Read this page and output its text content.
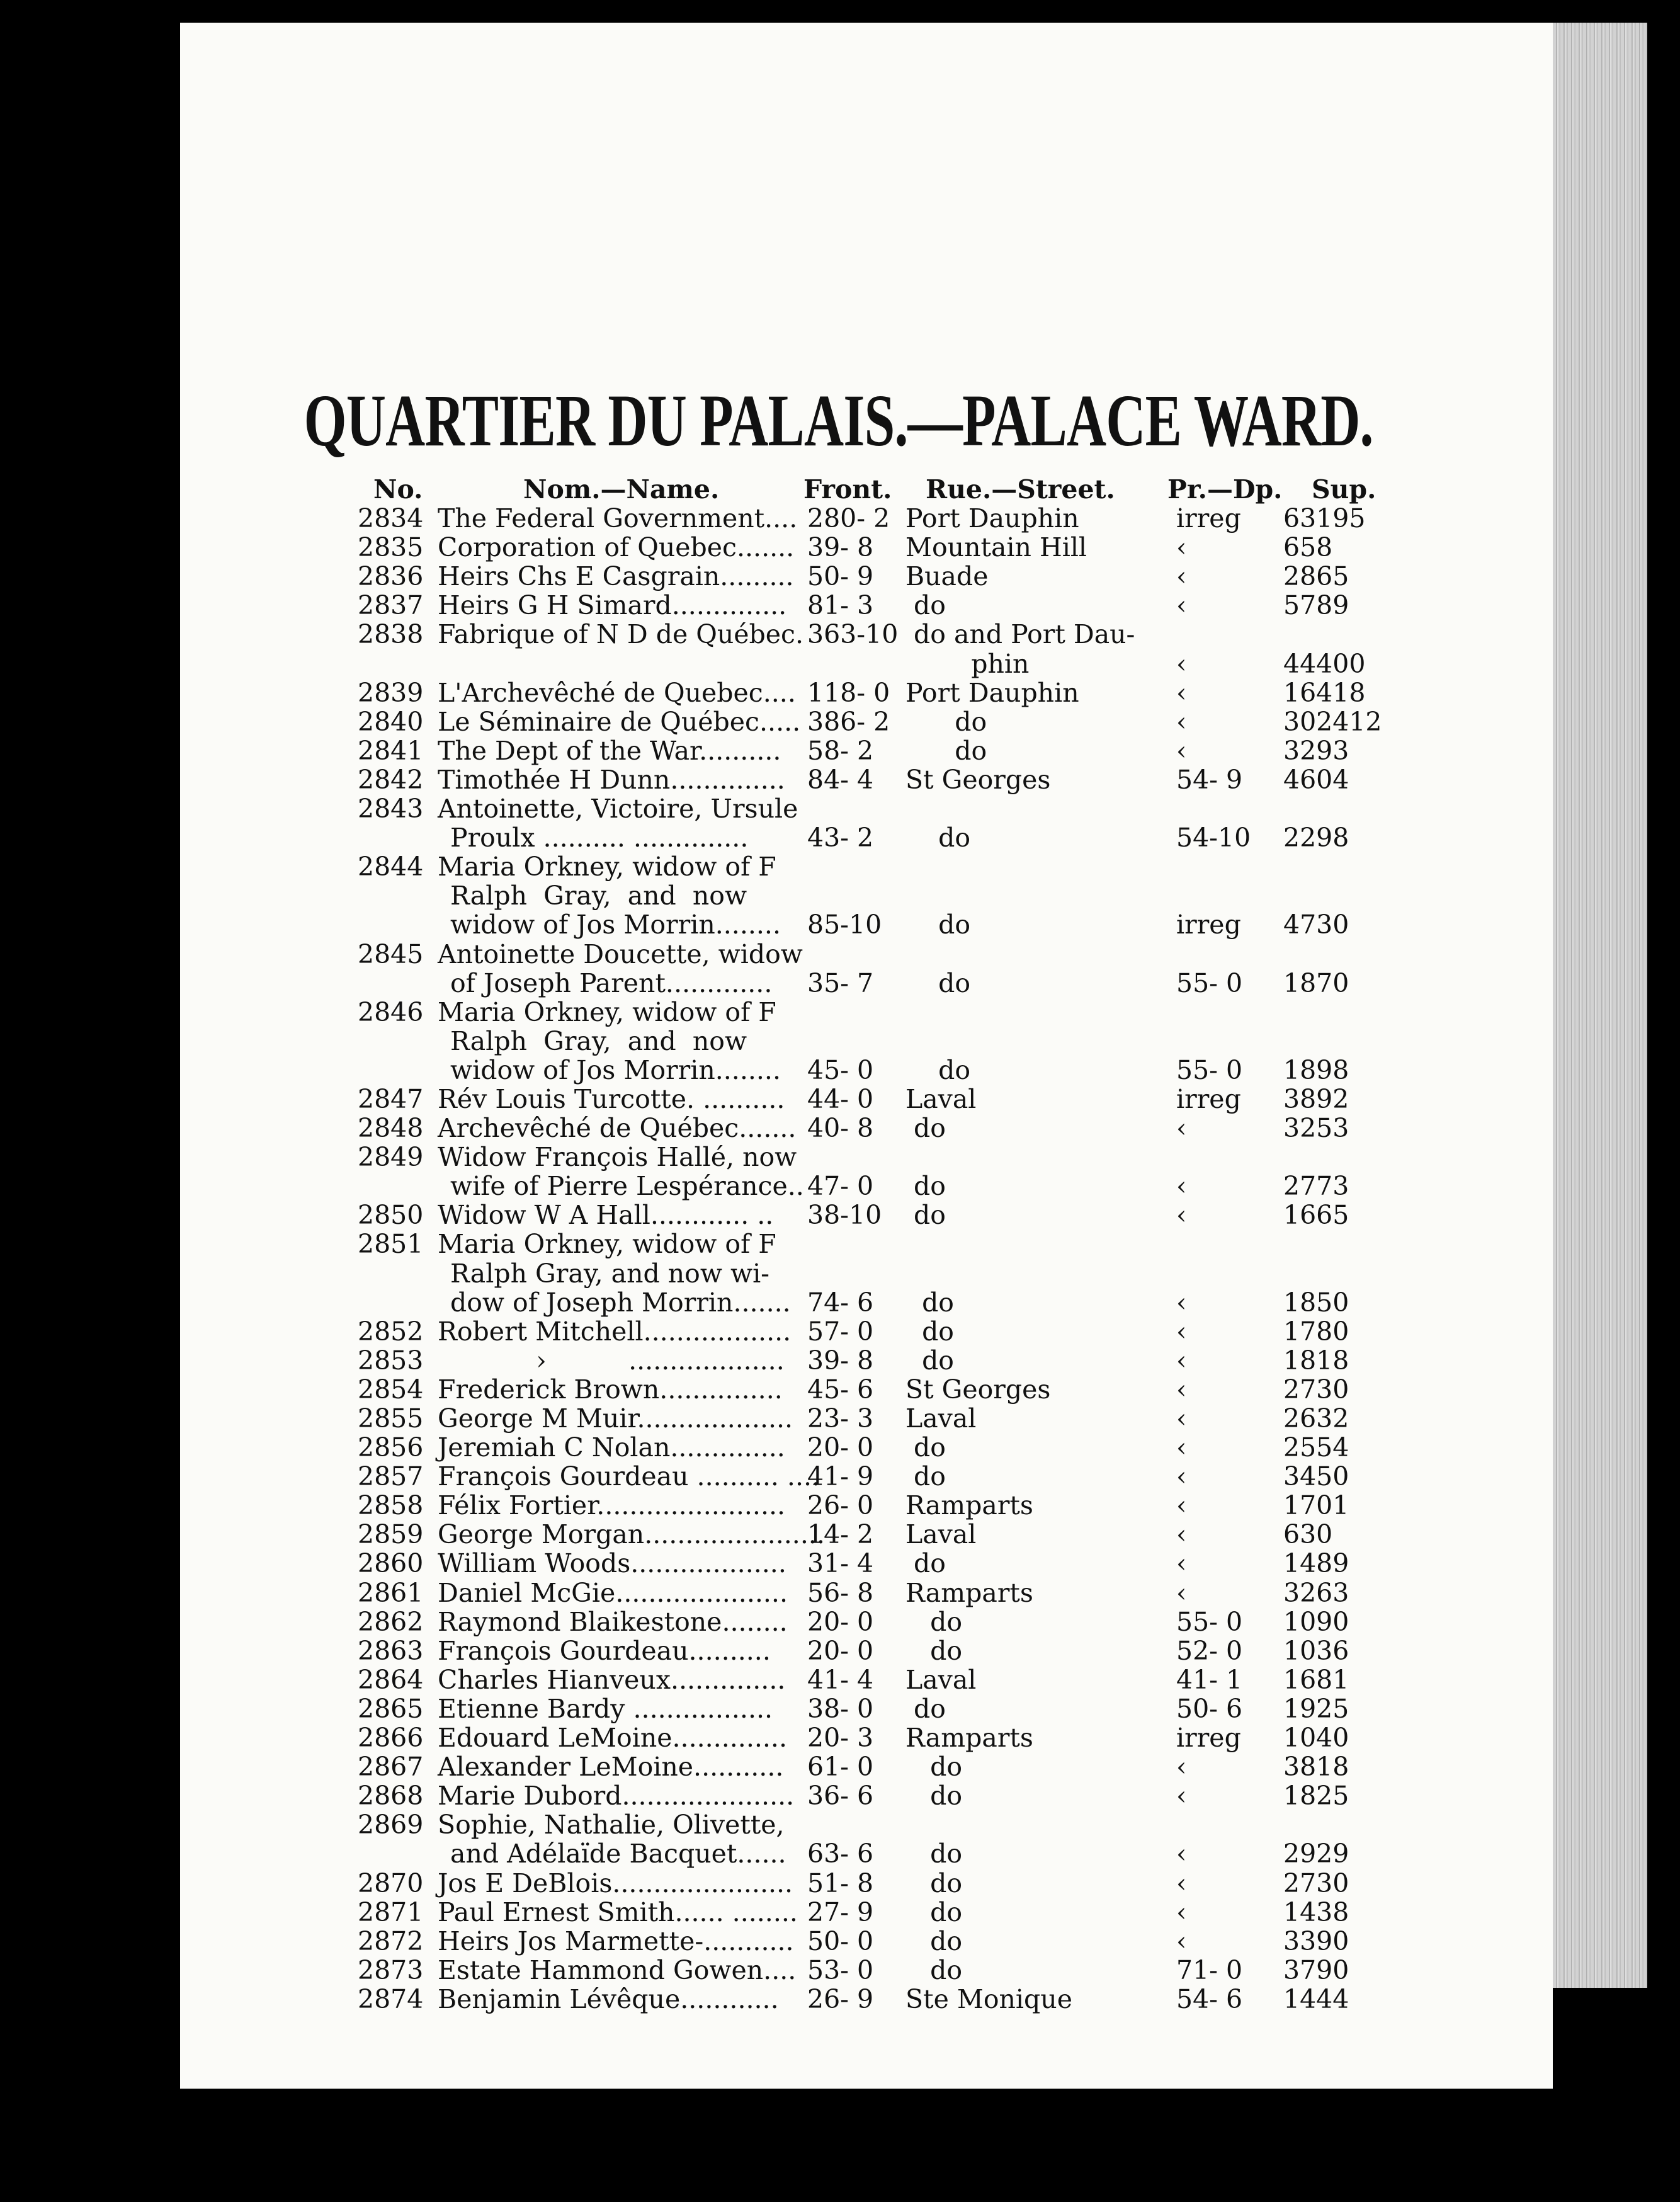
QUARTIER DU PALAIS.—PALACE WARD.
No.	Nom.—Name.	Front. Rue.—Street. Pr.—Dp. Sup.
2834 The Federal Government.... 280- 2 Port Dauphin	irreg 63195
2835 Corporation of Quebec....... 39- 8 Mountain Hill	‹	658
2836 Heirs Chs E Casgrain......... 50- 9 Buade	‹	2865
2837 Heirs G H Simard.............. 81- 3 do	‹	5789
2838 Fabrique of N D de Québec. 363-10 do and Port Dau-
phin	‹	44400
2839 L'Archevêché de Quebec.... 118- 0 Port Dauphin	‹	16418
2840 Le Séminaire de Québec..... 386- 2 do	‹	302412
2841 The Dept of the War.......... 58- 2 do	‹	3293
2842 Timothée H Dunn.............. 84- 4 St Georges	54- 9 4604
2843 Antoinette, Victoire, Ursule
Proulx .......... .............. 43- 2 do	54-10 2298
2844 Maria Orkney, widow of F
Ralph  Gray,  and  now
widow of Jos Morrin........ 85-10 do	irreg 4730
2845 Antoinette Doucette, widow
of Joseph Parent............. 35- 7 do	55- 0 1870
2846 Maria Orkney, widow of F
Ralph  Gray,  and  now
widow of Jos Morrin........ 45- 0 do	55- 0 1898
2847 Rév Louis Turcotte. .......... 44- 0 Laval	irreg 3892
2848 Archevêché de Québec....... 40- 8 do	‹	3253
2849 Widow François Hallé, now
wife of Pierre Lespérance.. 47- 0 do	‹	2773
2850 Widow W A Hall............ .. 38-10 do	‹	1665
2851 Maria Orkney, widow of F
Ralph Gray, and now wi-
dow of Joseph Morrin....... 74- 6 do	‹	1850
2852 Robert Mitchell.................. 57- 0 do	‹	1780
2853 ›          ................... 39- 8 do	‹	1818
2854 Frederick Brown............... 45- 6 St Georges	‹	2730
2855 George M Muir................... 23- 3 Laval	‹	2632
2856 Jeremiah C Nolan.............. 20- 0 do	‹	2554
2857 François Gourdeau .......... ....
41- 9 do	‹	3450
2858 Félix Fortier....................... 26- 0 Ramparts	‹	1701
2859 George Morgan......................
14- 2 Laval	‹	630
2860 William Woods................... 31- 4 do	‹	1489
2861 Daniel McGie..................... 56- 8 Ramparts	‹	3263
2862 Raymond Blaikestone........ 20- 0 do	55- 0 1090
2863 François Gourdeau.......... 20- 0 do	52- 0 1036
2864 Charles Hianveux.............. 41- 4 Laval	41- 1 1681
2865 Etienne Bardy ................. 38- 0 do	50- 6 1925
2866 Edouard LeMoine.............. 20- 3 Ramparts	irreg 1040
2867 Alexander LeMoine........... 61- 0 do	‹	3818
2868 Marie Dubord..................... 36- 6 do	‹	1825
2869 Sophie, Nathalie, Olivette,
and Adélaïde Bacquet...... 63- 6 do	‹	2929
2870 Jos E DeBlois...................... 51- 8 do	‹	2730
2871 Paul Ernest Smith...... ........ 27- 9 do	‹	1438
2872 Heirs Jos Marmette-........... 50- 0 do	‹	3390
2873 Estate Hammond Gowen.... 53- 0 do	71- 0 3790
2874 Benjamin Lévêque............ 26- 9 Ste Monique	54- 6 1444
